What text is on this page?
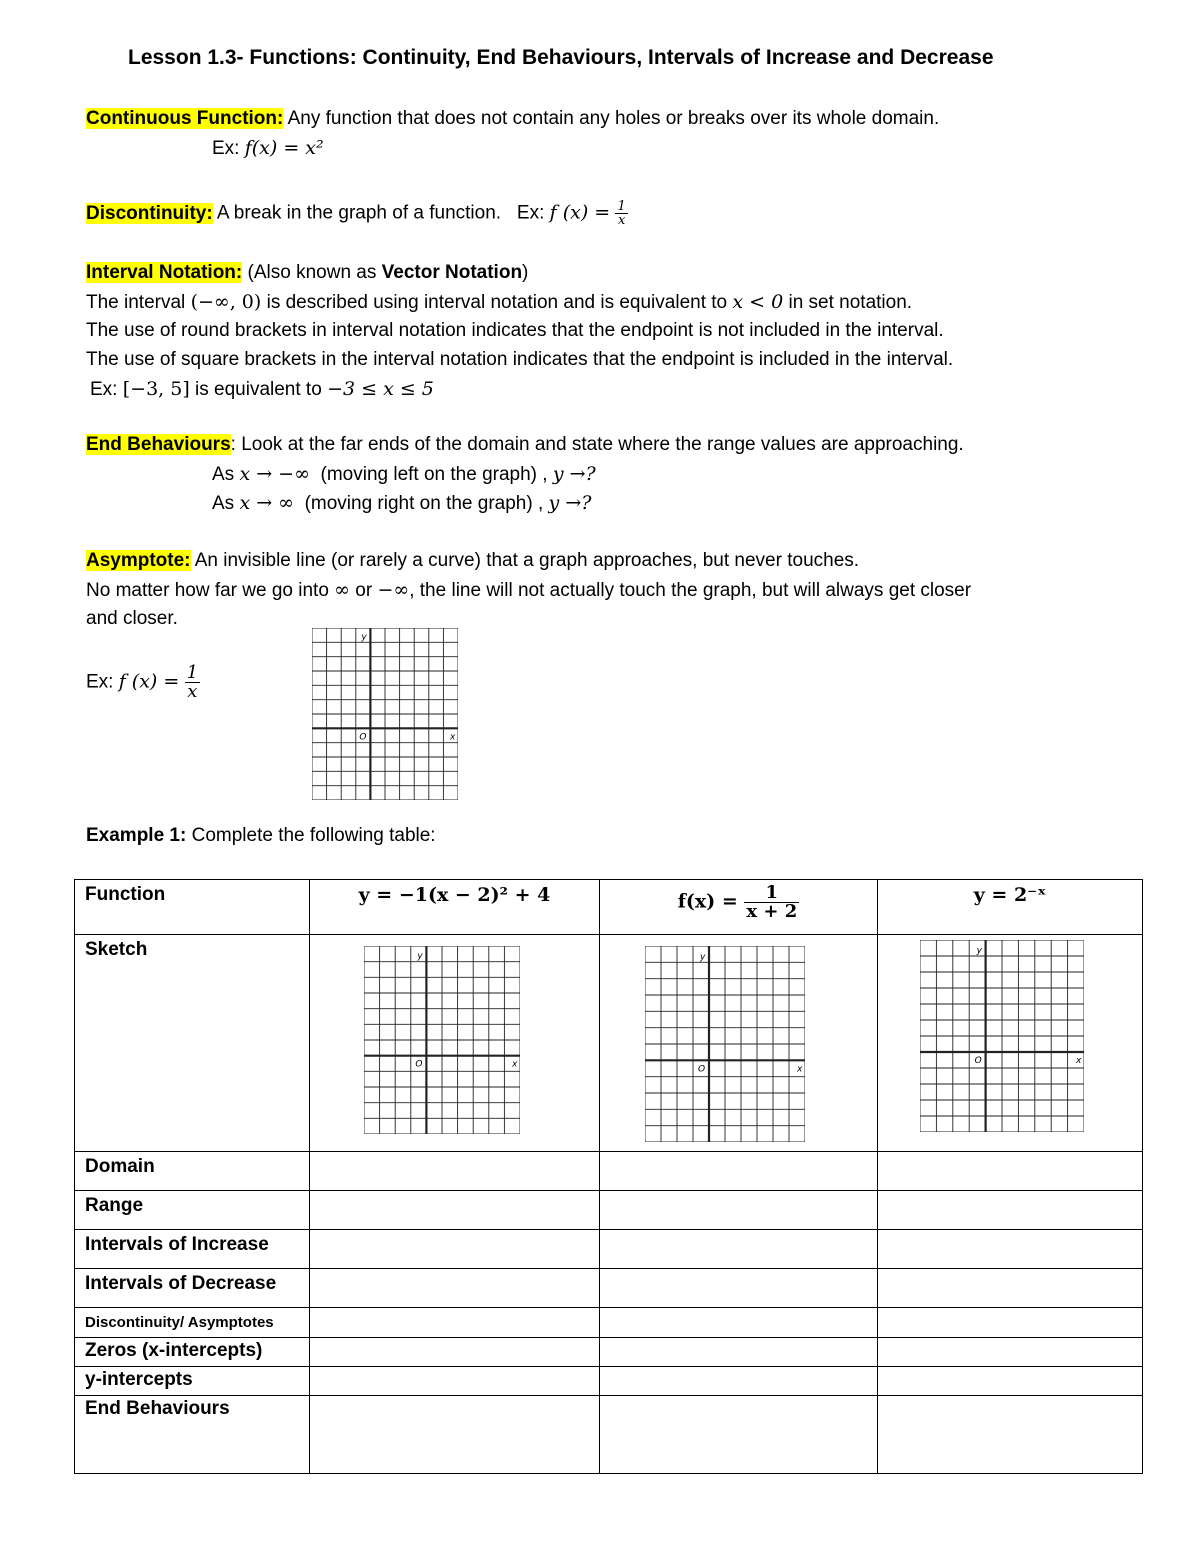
Lesson 1.3- Functions: Continuity, End Behaviours, Intervals of Increase and Decrease
Continuous Function: Any function that does not contain any holes or breaks over its whole domain.
Ex: f(x) = x²
Discontinuity: A break in the graph of a function. Ex: f $(x) = \frac{1}{x}$
Interval Notation: (Also known as Vector Notation)
The interval (−∞, 0) is described using interval notation and is equivalent to x < 0 in set notation.
The use of round brackets in interval notation indicates that the endpoint is not included in the interval.
The use of square brackets in the interval notation indicates that the endpoint is included in the interval.
Ex: [−3, 5] is equivalent to −3 ≤ x ≤ 5
End Behaviours: Look at the far ends of the domain and state where the range values are approaching.
As x → −∞ (moving left on the graph) , y →?
As x → ∞ (moving right on the graph) , y →?
Asymptote: An invisible line (or rarely a curve) that a graph approaches, but never touches.
No matter how far we go into ∞ or −∞, the line will not actually touch the graph, but will always get closer
and closer.
Ex: f $(x) = \frac{1}{x}$
y
O	x
Example 1: Complete the following table:
Function	y = −1(x − 2)² + 4	$f(x) = \frac{1}{x + 2}$	y = 2⁻ˣ
Sketch			
Domain			
Range			
Intervals of Increase			
Intervals of Decrease			
Discontinuity/ Asymptotes			
Zeros (x-intercepts)			
y-intercepts			
End Behaviours			
y
O	x
y
O	x
y
O	x
